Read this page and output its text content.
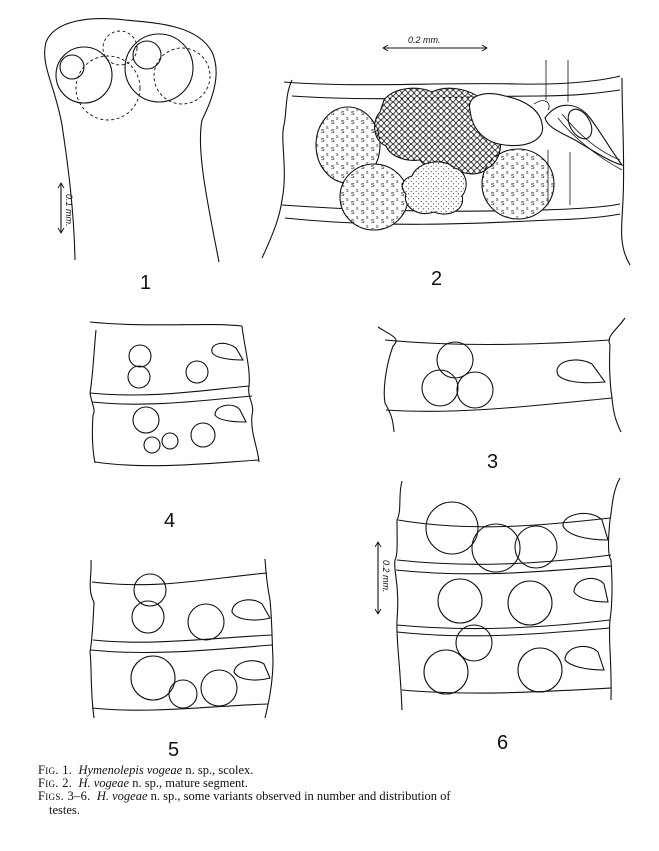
0.1 mm.
1
0.2 mm.
2
4
3
5
0.2 mm.
6
Fig. 1. Hymenolepis vogeae n. sp., scolex.
Fig. 2. H. vogeae n. sp., mature segment.
Figs. 3–6. H. vogeae n. sp., some variants observed in number and distribution of
testes.
